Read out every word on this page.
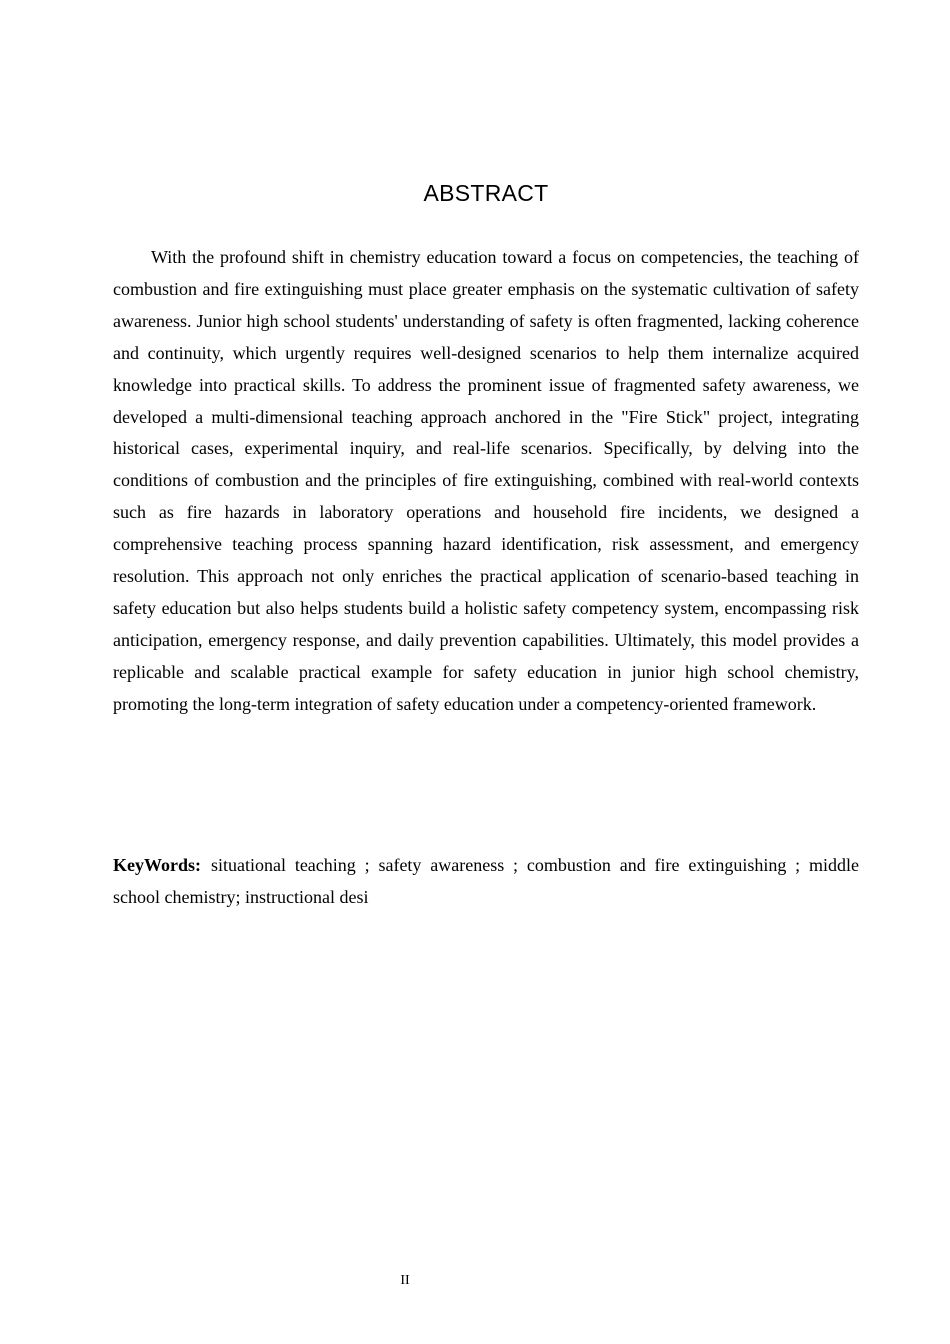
ABSTRACT

With the profound shift in chemistry education toward a focus on competencies, the teaching of combustion and fire extinguishing must place greater emphasis on the systematic cultivation of safety awareness. Junior high school students' understanding of safety is often fragmented, lacking coherence and continuity, which urgently requires well-designed scenarios to help them internalize acquired knowledge into practical skills. To address the prominent issue of fragmented safety awareness, we developed a multi-dimensional teaching approach anchored in the "Fire Stick" project, integrating historical cases, experimental inquiry, and real-life scenarios. Specifically, by delving into the conditions of combustion and the principles of fire extinguishing, combined with real-world contexts such as fire hazards in laboratory operations and household fire incidents, we designed a comprehensive teaching process spanning hazard identification, risk assessment, and emergency resolution. This approach not only enriches the practical application of scenario-based teaching in safety education but also helps students build a holistic safety competency system, encompassing risk anticipation, emergency response, and daily prevention capabilities. Ultimately, this model provides a replicable and scalable practical example for safety education in junior high school chemistry, promoting the long-term integration of safety education under a competency-oriented framework.

KeyWords: situational teaching ; safety awareness ; combustion and fire extinguishing ; middle school chemistry; instructional desi

II
